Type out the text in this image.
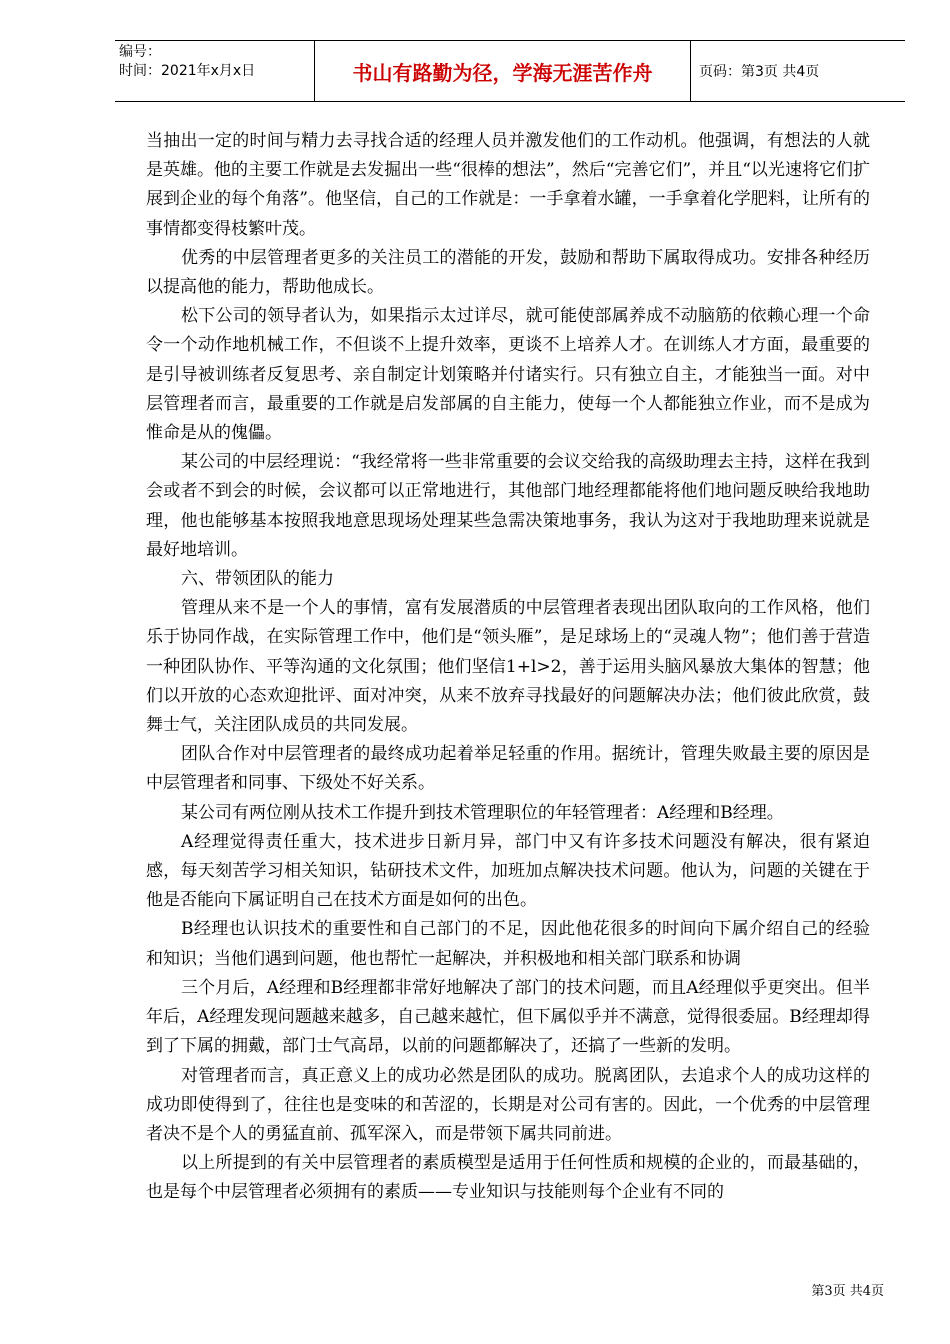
编号：
时间：2021年x月x日	书山有路勤为径，学海无涯苦作舟	页码：第3页 共4页

当抽出一定的时间与精力去寻找合适的经理人员并激发他们的工作动机。他强调，有想法的人就是英雄。他的主要工作就是去发掘出一些“很棒的想法”，然后“完善它们”，并且“以光速将它们扩展到企业的每个角落”。他坚信，自己的工作就是：一手拿着水罐，一手拿着化学肥料，让所有的事情都变得枝繁叶茂。

优秀的中层管理者更多的关注员工的潜能的开发，鼓励和帮助下属取得成功。安排各种经历以提高他的能力，帮助他成长。

松下公司的领导者认为，如果指示太过详尽，就可能使部属养成不动脑筋的依赖心理一个命令一个动作地机械工作，不但谈不上提升效率，更谈不上培养人才。在训练人才方面，最重要的是引导被训练者反复思考、亲自制定计划策略并付诸实行。只有独立自主，才能独当一面。对中层管理者而言，最重要的工作就是启发部属的自主能力，使每一个人都能独立作业，而不是成为惟命是从的傀儡。

某公司的中层经理说：“我经常将一些非常重要的会议交给我的高级助理去主持，这样在我到会或者不到会的时候，会议都可以正常地进行，其他部门地经理都能将他们地问题反映给我地助理，他也能够基本按照我地意思现场处理某些急需决策地事务，我认为这对于我地助理来说就是最好地培训。

六、带领团队的能力

管理从来不是一个人的事情，富有发展潜质的中层管理者表现出团队取向的工作风格，他们乐于协同作战，在实际管理工作中，他们是“领头雁”，是足球场上的“灵魂人物”；他们善于营造一种团队协作、平等沟通的文化氛围；他们坚信1+l>2，善于运用头脑风暴放大集体的智慧；他们以开放的心态欢迎批评、面对冲突，从来不放弃寻找最好的问题解决办法；他们彼此欣赏，鼓舞士气，关注团队成员的共同发展。

团队合作对中层管理者的最终成功起着举足轻重的作用。据统计，管理失败最主要的原因是中层管理者和同事、下级处不好关系。

某公司有两位刚从技术工作提升到技术管理职位的年轻管理者：A经理和B经理。

A经理觉得责任重大，技术进步日新月异，部门中又有许多技术问题没有解决，很有紧迫感，每天刻苦学习相关知识，钻研技术文件，加班加点解决技术问题。他认为，问题的关键在于他是否能向下属证明自己在技术方面是如何的出色。

B经理也认识技术的重要性和自己部门的不足，因此他花很多的时间向下属介绍自己的经验和知识；当他们遇到问题，他也帮忙一起解决，并积极地和相关部门联系和协调

三个月后，A经理和B经理都非常好地解决了部门的技术问题，而且A经理似乎更突出。但半年后，A经理发现问题越来越多，自己越来越忙，但下属似乎并不满意，觉得很委屈。B经理却得到了下属的拥戴，部门士气高昂，以前的问题都解决了，还搞了一些新的发明。

对管理者而言，真正意义上的成功必然是团队的成功。脱离团队，去追求个人的成功这样的成功即使得到了，往往也是变味的和苦涩的，长期是对公司有害的。因此，一个优秀的中层管理者决不是个人的勇猛直前、孤军深入，而是带领下属共同前进。

以上所提到的有关中层管理者的素质模型是适用于任何性质和规模的企业的，而最基础的，也是每个中层管理者必须拥有的素质——专业知识与技能则每个企业有不同的

第3页 共4页
